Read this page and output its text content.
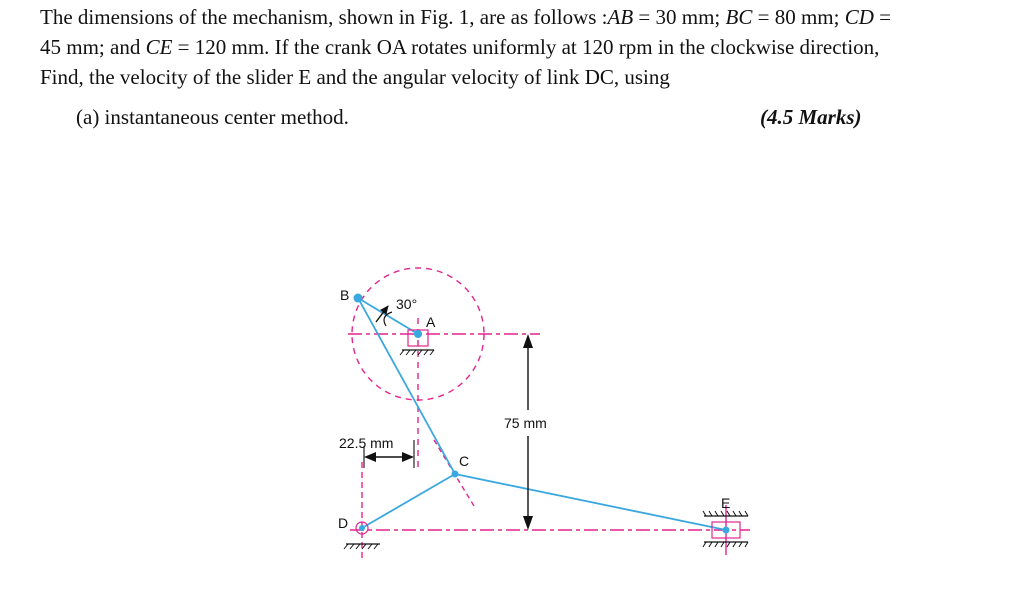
The dimensions of the mechanism, shown in Fig. 1, are as follows :AB = 30 mm; BC = 80 mm; CD =
45 mm; and CE = 120 mm. If the crank OA rotates uniformly at 120 rpm in the clockwise direction,
Find, the velocity of the slider E and the angular velocity of link DC, using
(a) instantaneous center method.	(4.5 Marks)
B
A
C
D
E
30°
75 mm
22.5 mm
